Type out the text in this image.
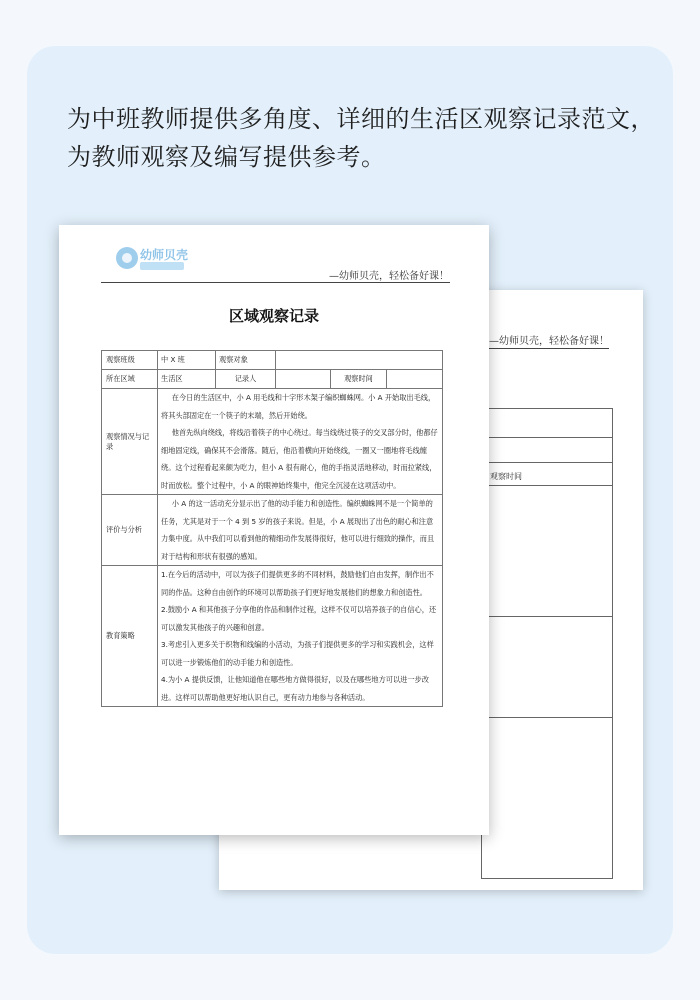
为中班教师提供多角度、详细的生活区观察记录范文，
为教师观察及编写提供参考。
—幼师贝壳，轻松备好课！
观察时间
幼师贝壳
—幼师贝壳，轻松备好课！
区域观察记录
观察班级	中 X 班	观察对象			
所在区域	生活区	记录人		观察时间	
观察情况与记录	在今日的生活区中，小 A 用毛线和十字形木架子编织蜘蛛网。小 A 开始取出毛线，将其头部固定在一个筷子的末端，然后开始绕。

他首先纵向绕线，将线沿着筷子的中心绕过。每当线绕过筷子的交叉部分时，他都仔细地固定线，确保其不会滑落。随后，他沿着横向开始绕线，一圈又一圈地将毛线缠绕。这个过程看起来颇为吃力，但小 A 很有耐心，他的手指灵活地移动，时而拉紧线，时而放松。整个过程中，小 A 的眼神始终集中，他完全沉浸在这项活动中。				

评价与分析	小 A 的这一活动充分显示出了他的动手能力和创造性。编织蜘蛛网不是一个简单的任务，尤其是对于一个 4 到 5 岁的孩子来说。但是，小 A 展现出了出色的耐心和注意力集中度。从中我们可以看到他的精细动作发展得很好，他可以进行细致的操作，而且对于结构和形状有很强的感知。				

教育策略	1.在今后的活动中，可以为孩子们提供更多的不同材料，鼓励他们自由发挥，制作出不同的作品。这种自由创作的环境可以帮助孩子们更好地发展他们的想象力和创造性。

2.鼓励小 A 和其他孩子分享他的作品和制作过程，这样不仅可以培养孩子的自信心，还可以激发其他孩子的兴趣和创意。

3.考虑引入更多关于织物和线编的小活动，为孩子们提供更多的学习和实践机会，这样可以进一步锻炼他们的动手能力和创造性。

4.为小 A 提供反馈，让他知道他在哪些地方做得很好，以及在哪些地方可以进一步改进。这样可以帮助他更好地认识自己，更有动力地参与各种活动。				
